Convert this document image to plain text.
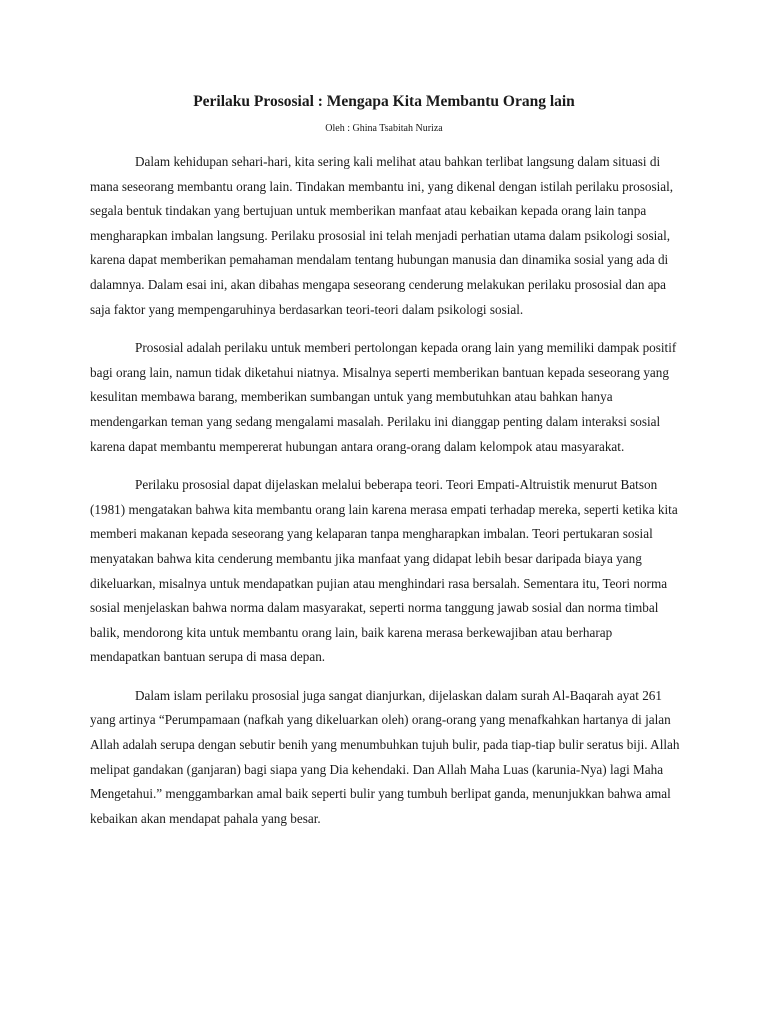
Perilaku Prososial : Mengapa Kita Membantu Orang lain

Oleh : Ghina Tsabitah Nuriza

Dalam kehidupan sehari-hari, kita sering kali melihat atau bahkan terlibat langsung dalam situasi di mana seseorang membantu orang lain. Tindakan membantu ini, yang dikenal dengan istilah perilaku prososial, segala bentuk tindakan yang bertujuan untuk memberikan manfaat atau kebaikan kepada orang lain tanpa mengharapkan imbalan langsung. Perilaku prososial ini telah menjadi perhatian utama dalam psikologi sosial, karena dapat memberikan pemahaman mendalam tentang hubungan manusia dan dinamika sosial yang ada di dalamnya. Dalam esai ini, akan dibahas mengapa seseorang cenderung melakukan perilaku prososial dan apa saja faktor yang mempengaruhinya berdasarkan teori-teori dalam psikologi sosial.

Prososial adalah perilaku untuk memberi pertolongan kepada orang lain yang memiliki dampak positif bagi orang lain, namun tidak diketahui niatnya. Misalnya seperti memberikan bantuan kepada seseorang yang kesulitan membawa barang, memberikan sumbangan untuk yang membutuhkan atau bahkan hanya mendengarkan teman yang sedang mengalami masalah. Perilaku ini dianggap penting dalam interaksi sosial karena dapat membantu mempererat hubungan antara orang-orang dalam kelompok atau masyarakat.

Perilaku prososial dapat dijelaskan melalui beberapa teori. Teori Empati-Altruistik menurut Batson (1981) mengatakan bahwa kita membantu orang lain karena merasa empati terhadap mereka, seperti ketika kita memberi makanan kepada seseorang yang kelaparan tanpa mengharapkan imbalan. Teori pertukaran sosial menyatakan bahwa kita cenderung membantu jika manfaat yang didapat lebih besar daripada biaya yang dikeluarkan, misalnya untuk mendapatkan pujian atau menghindari rasa bersalah. Sementara itu, Teori norma sosial menjelaskan bahwa norma dalam masyarakat, seperti norma tanggung jawab sosial dan norma timbal balik, mendorong kita untuk membantu orang lain, baik karena merasa berkewajiban atau berharap mendapatkan bantuan serupa di masa depan.

Dalam islam perilaku prososial juga sangat dianjurkan, dijelaskan dalam surah Al-Baqarah ayat 261 yang artinya “Perumpamaan (nafkah yang dikeluarkan oleh) orang-orang yang menafkahkan hartanya di jalan Allah adalah serupa dengan sebutir benih yang menumbuhkan tujuh bulir, pada tiap-tiap bulir seratus biji. Allah melipat gandakan (ganjaran) bagi siapa yang Dia kehendaki. Dan Allah Maha Luas (karunia-Nya) lagi Maha Mengetahui.” menggambarkan amal baik seperti bulir yang tumbuh berlipat ganda, menunjukkan bahwa amal kebaikan akan mendapat pahala yang besar.
